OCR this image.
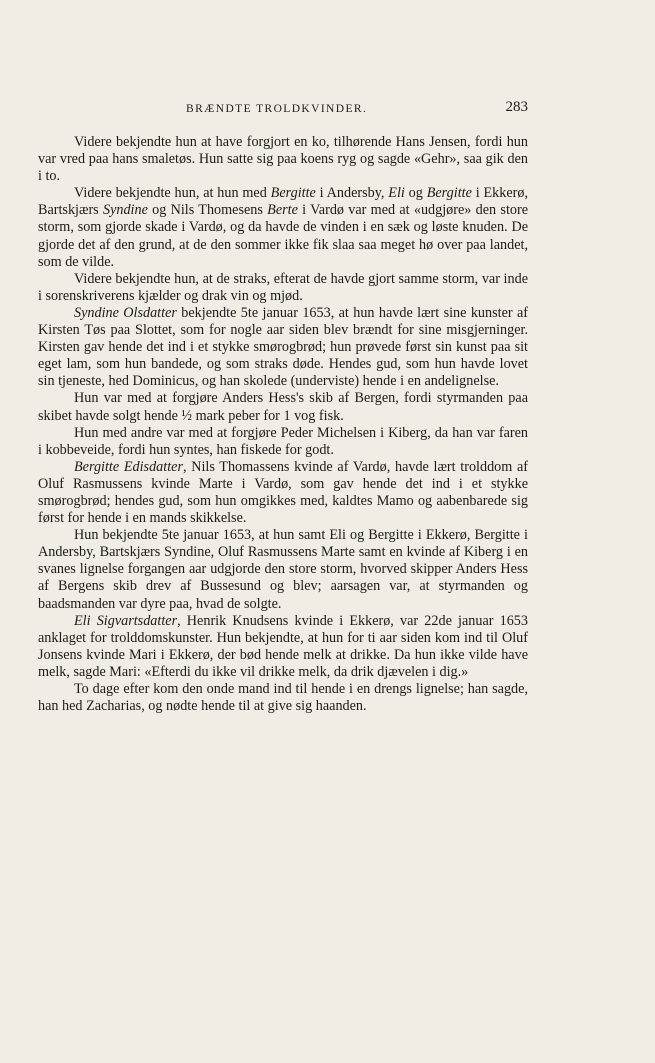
BRÆNDTE TROLDKVINDER.	283

Videre bekjendte hun at have forgjort en ko, tilhørende Hans Jensen, fordi hun var vred paa hans smaletøs. Hun satte sig paa koens ryg og sagde «Gehr», saa gik den i to.

Videre bekjendte hun, at hun med Bergitte i Andersby, Eli og Bergitte i Ekkerø, Bartskjærs Syndine og Nils Thomesens Berte i Vardø var med at «udgjøre» den store storm, som gjorde skade i Vardø, og da havde de vinden i en sæk og løste knuden. De gjorde det af den grund, at de den sommer ikke fik slaa saa meget hø over paa landet, som de vilde.

Videre bekjendte hun, at de straks, efterat de havde gjort samme storm, var inde i sorenskriverens kjælder og drak vin og mjød.

Syndine Olsdatter bekjendte 5te januar 1653, at hun havde lært sine kunster af Kirsten Tøs paa Slottet, som for nogle aar siden blev brændt for sine misgjerninger. Kirsten gav hende det ind i et stykke smørogbrød; hun prøvede først sin kunst paa sit eget lam, som hun bandede, og som straks døde. Hendes gud, som hun havde lovet sin tjeneste, hed Dominicus, og han skolede (underviste) hende i en andelignelse.

Hun var med at forgjøre Anders Hess's skib af Bergen, fordi styrmanden paa skibet havde solgt hende ½ mark peber for 1 vog fisk.

Hun med andre var med at forgjøre Peder Michelsen i Kiberg, da han var faren i kobbeveide, fordi hun syntes, han fiskede for godt.

Bergitte Edisdatter, Nils Thomassens kvinde af Vardø, havde lært trolddom af Oluf Rasmussens kvinde Marte i Vardø, som gav hende det ind i et stykke smørogbrød; hendes gud, som hun omgikkes med, kaldtes Mamo og aabenbarede sig først for hende i en mands skikkelse.

Hun bekjendte 5te januar 1653, at hun samt Eli og Bergitte i Ekkerø, Bergitte i Andersby, Bartskjærs Syndine, Oluf Rasmussens Marte samt en kvinde af Kiberg i en svanes lignelse forgangen aar udgjorde den store storm, hvorved skipper Anders Hess af Bergens skib drev af Bussesund og blev; aarsagen var, at styrmanden og baadsmanden var dyre paa, hvad de solgte.

Eli Sigvartsdatter, Henrik Knudsens kvinde i Ekkerø, var 22de januar 1653 anklaget for trolddomskunster. Hun bekjendte, at hun for ti aar siden kom ind til Oluf Jonsens kvinde Mari i Ekkerø, der bød hende melk at drikke. Da hun ikke vilde have melk, sagde Mari: «Efterdi du ikke vil drikke melk, da drik djævelen i dig.»

To dage efter kom den onde mand ind til hende i en drengs lignelse; han sagde, han hed Zacharias, og nødte hende til at give sig haanden.
